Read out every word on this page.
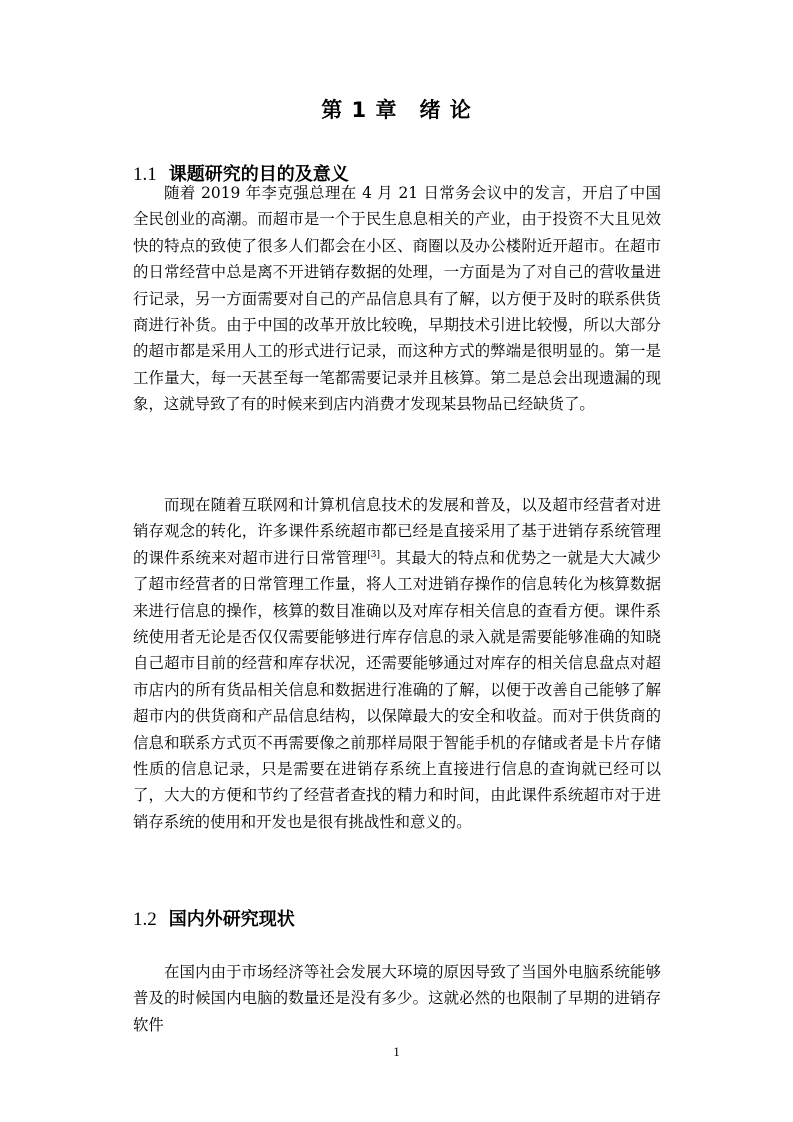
第 1 章 绪 论
1.1 课题研究的目的及意义

随着 2019 年李克强总理在 4 月 21 日常务会议中的发言，开启了中国全民创业的高潮。而超市是一个于民生息息相关的产业，由于投资不大且见效快的特点的致使了很多人们都会在小区、商圈以及办公楼附近开超市。在超市的日常经营中总是离不开进销存数据的处理，一方面是为了对自己的营收量进行记录，另一方面需要对自己的产品信息具有了解，以方便于及时的联系供货商进行补货。由于中国的改革开放比较晚，早期技术引进比较慢，所以大部分的超市都是采用人工的形式进行记录，而这种方式的弊端是很明显的。第一是工作量大，每一天甚至每一笔都需要记录并且核算。第二是总会出现遗漏的现象，这就导致了有的时候来到店内消费才发现某县物品已经缺货了。

而现在随着互联网和计算机信息技术的发展和普及，以及超市经营者对进销存观念的转化，许多课件系统超市都已经是直接采用了基于进销存系统管理的课件系统来对超市进行日常管理[3]。其最大的特点和优势之一就是大大减少了超市经营者的日常管理工作量，将人工对进销存操作的信息转化为核算数据来进行信息的操作，核算的数目准确以及对库存相关信息的查看方便。课件系统使用者无论是否仅仅需要能够进行库存信息的录入就是需要能够准确的知晓自己超市目前的经营和库存状况，还需要能够通过对库存的相关信息盘点对超市店内的所有货品相关信息和数据进行准确的了解，以便于改善自己能够了解超市内的供货商和产品信息结构，以保障最大的安全和收益。而对于供货商的信息和联系方式页不再需要像之前那样局限于智能手机的存储或者是卡片存储性质的信息记录，只是需要在进销存系统上直接进行信息的查询就已经可以了，大大的方便和节约了经营者查找的精力和时间，由此课件系统超市对于进销存系统的使用和开发也是很有挑战性和意义的。

1.2 国内外研究现状

在国内由于市场经济等社会发展大环境的原因导致了当国外电脑系统能够普及的时候国内电脑的数量还是没有多少。这就必然的也限制了早期的进销存软件

1
